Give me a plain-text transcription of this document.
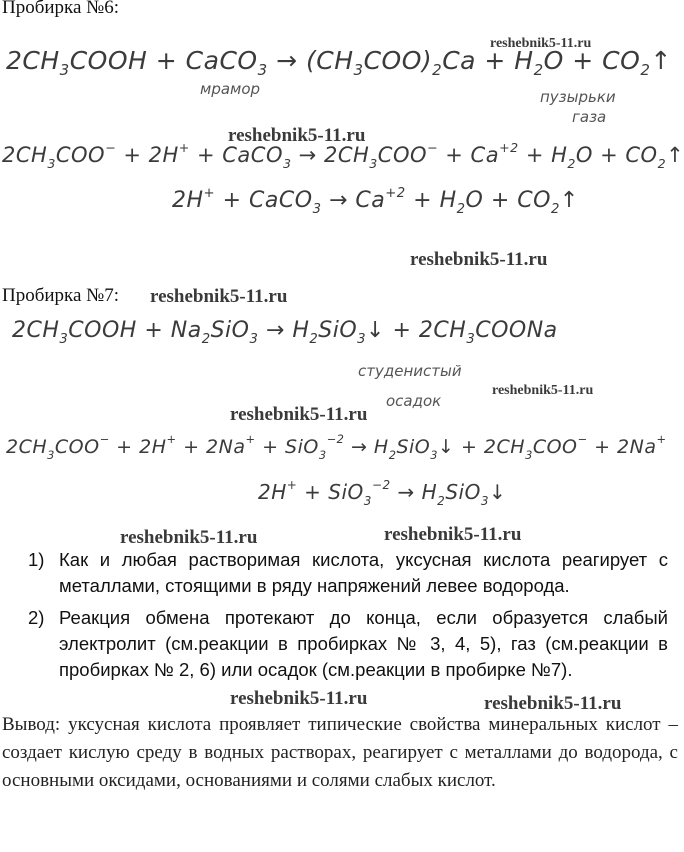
Пробирка №6:
$2CH_3COOH$ + CaCO$_3$ → $(CH_3COO)_2Ca + H_2O$ + $CO_2↑$
мрамор	пузырьки
газа
$2CH_3COO^- + 2H^+$ + CaCO$_3$ → $2CH_3COO^- + Ca^{+2} + H_2O$ + $CO_2↑$
2H+ + CaCO$_3$ → $Ca^{+2} + H_2O$ + $CO_2↑$
Пробирка №7:
$2CH_3COOH + Na_2SiO_3$ → $H_2SiO_3↓$ + $2CH_3COONa$
студенистый
осадок
$2CH_3COO^- + 2H^+ + 2Na^+ + SiO_3^{-2}$ → $H_2SiO_3↓ + 2CH_3COO^- + 2Na^+$
$2H^+ + SiO_3^{-2} \to H_2SiO_3↓$
1) Как и любая растворимая кислота, уксусная кислота реагирует с металлами, стоящими в ряду напряжений левее водорода.
2) Реакция обмена протекают до конца, если образуется слабый электролит (см.реакции в пробирках № 3, 4, 5), газ (см.реакции в пробирках № 2, 6) или осадок (см.реакции в пробирке №7).
Вывод: уксусная кислота проявляет типические свойства минеральных кислот – создает кислую среду в водных растворах, реагирует с металлами до водорода, с основными оксидами, основаниями и солями слабых кислот.
reshebnik5-11.ru
reshebnik5-11.ru
reshebnik5-11.ru
reshebnik5-11.ru
reshebnik5-11.ru
reshebnik5-11.ru
reshebnik5-11.ru	reshebnik5-11.ru
reshebnik5-11.ru	reshebnik5-11.ru
